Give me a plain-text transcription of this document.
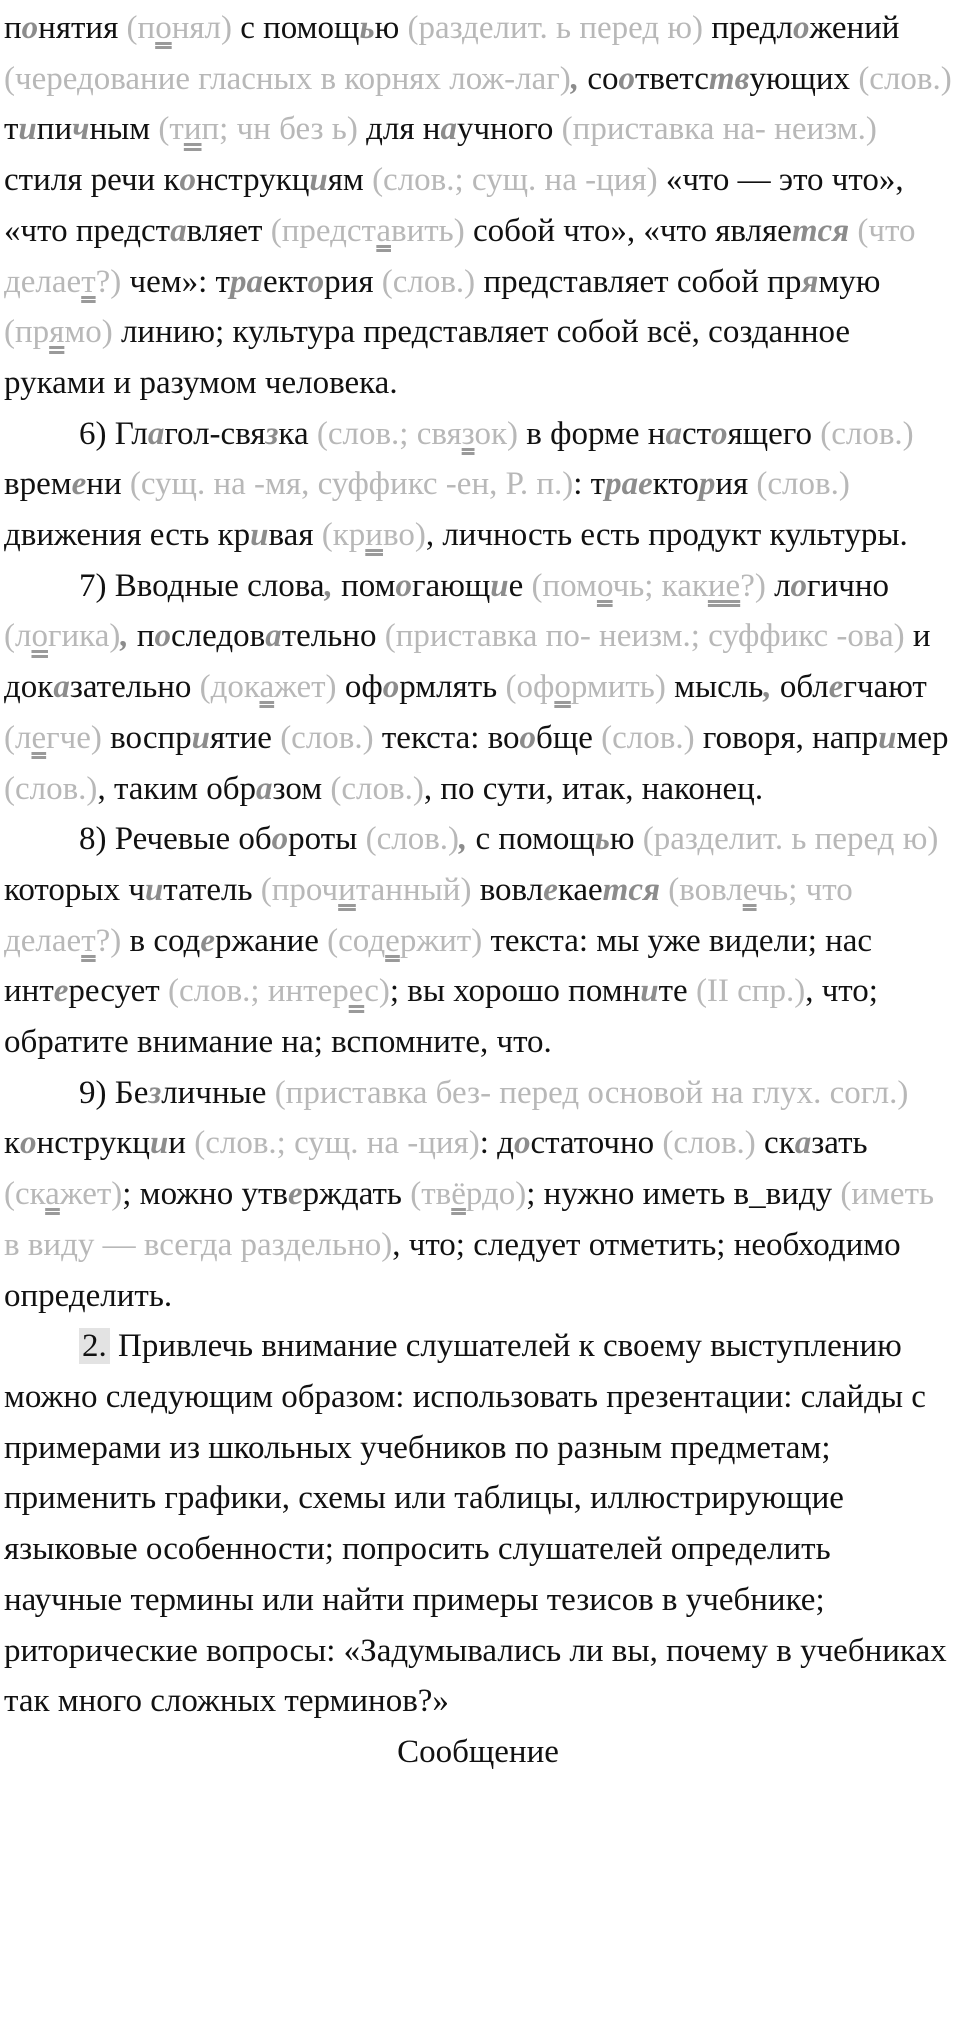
понятия (понял) с помощью (разделит. ь перед ю) предложений (чередование гласных в корнях лож-лаг), соответствующих (слов.) типичным (тип; чн без ь) для научного (приставка на- неизм.) стиля речи конструкциям (слов.; сущ. на -ция) «что — это что», «что представляет (представить) собой что», «что является (что делает?) чем»: траектория (слов.) представляет собой прямую (прямо) линию; культура представляет собой всё, созданное руками и разумом человека.

6) Глагол-связка (слов.; связок) в форме настоящего (слов.) времени (сущ. на -мя, суффикс -ен, Р. п.): траектория (слов.) движения есть кривая (криво), личность есть продукт культуры.

7) Вводные слова, помогающие (помочь; какие?) логично (логика), последовательно (приставка по- неизм.; суффикс -ова) и доказательно (докажет) оформлять (оформить) мысль, облегчают (легче) восприятие (слов.) текста: вообще (слов.) говоря, например (слов.), таким образом (слов.), по сути, итак, наконец.

8) Речевые обороты (слов.), с помощью (разделит. ь перед ю) которых читатель (прочитанный) вовлекается (вовлечь; что делает?) в содержание (содержит) текста: мы уже видели; нас интересует (слов.; интерес); вы хорошо помните (II спр.), что; обратите внимание на; вспомните, что.

9) Безличные (приставка без- перед основой на глух. согл.) конструкции (слов.; сущ. на -ция): достаточно (слов.) сказать (скажет); можно утверждать (твёрдо); нужно иметь в_виду (иметь в виду — всегда раздельно), что; следует отметить; необходимо определить.

2. Привлечь внимание слушателей к своему выступлению можно следующим образом: использовать презентации: слайды с примерами из школьных учебников по разным предметам; применить графики, схемы или таблицы, иллюстрирующие языковые особенности; попросить слушателей определить научные термины или найти примеры тезисов в учебнике; риторические вопросы: «Задумывались ли вы, почему в учебниках так много сложных терминов?»

Сообщение
